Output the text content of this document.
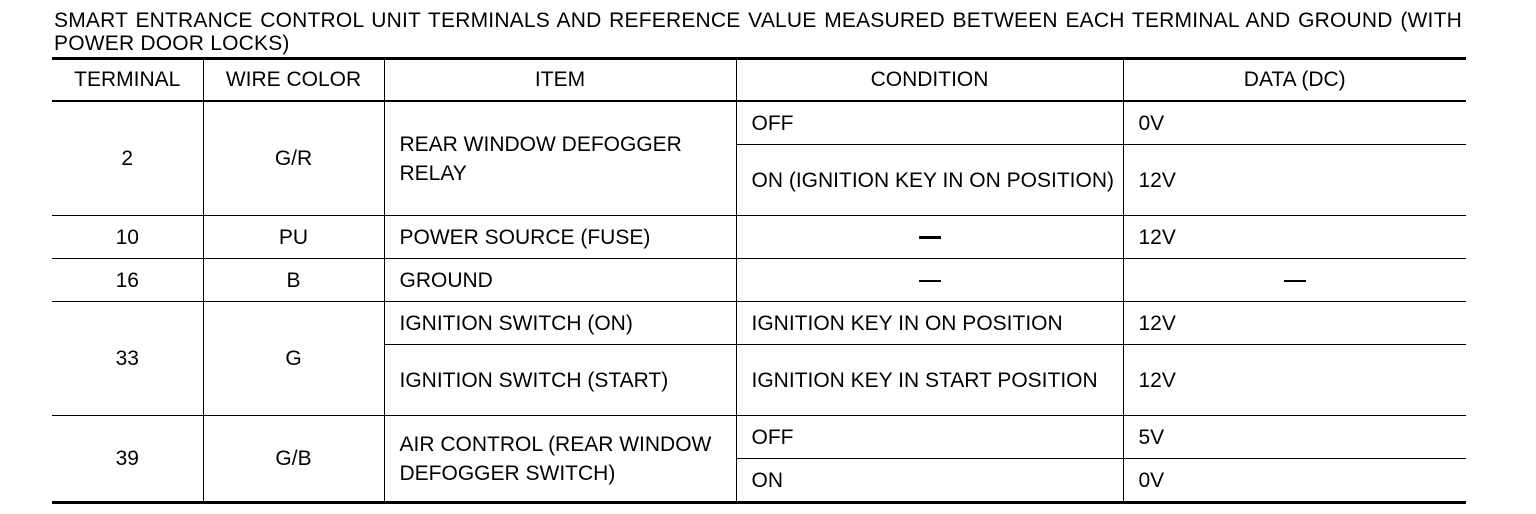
SMART ENTRANCE CONTROL UNIT TERMINALS AND REFERENCE VALUE MEASURED BETWEEN EACH TERMINAL AND GROUND (WITH POWER DOOR LOCKS)
TERMINAL	WIRE COLOR	ITEM	CONDITION	DATA (DC)
2	G/R	REAR WINDOW DEFOGGER RELAY	OFF	0V
			ON (IGNITION KEY IN ON POSITION)	12V
10	PU	POWER SOURCE (FUSE)		12V
16	B	GROUND		
33	G	IGNITION SWITCH (ON)	IGNITION KEY IN ON POSITION	12V
		IGNITION SWITCH (START)	IGNITION KEY IN START POSITION	12V
39	G/B	AIR CONTROL (REAR WINDOW DEFOGGER SWITCH)	OFF	5V
			ON	0V
